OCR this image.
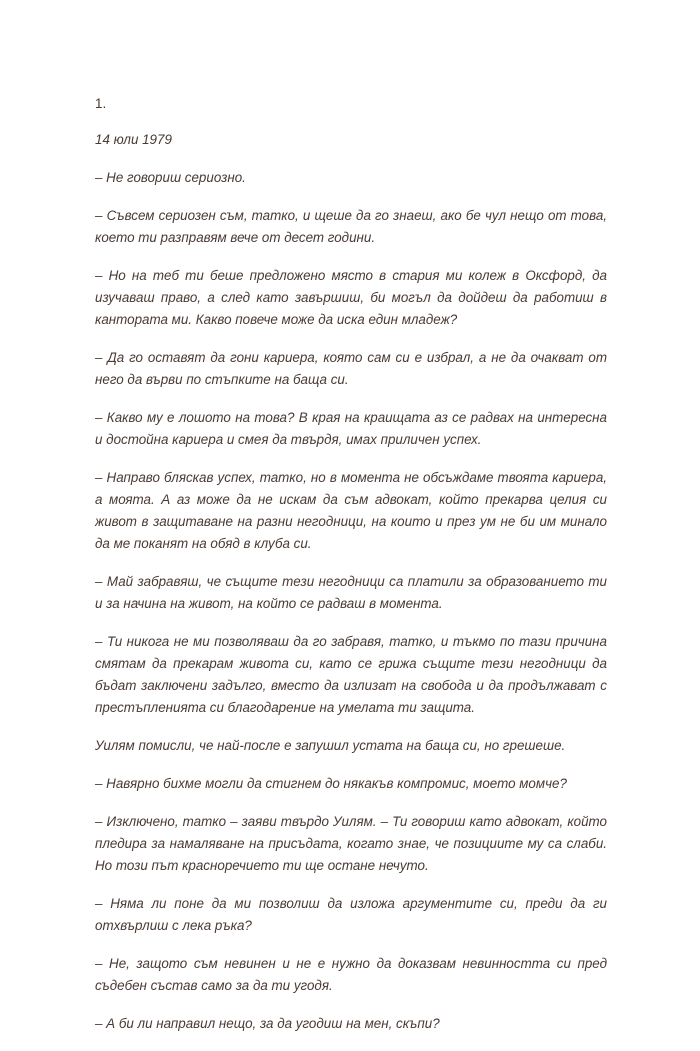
1.

14 юли 1979

– Не говориш сериозно.

– Съвсем сериозен съм, татко, и щеше да го знаеш, ако бе чул нещо от това, което ти разправям вече от десет години.

– Но на теб ти беше предложено място в стария ми колеж в Оксфорд, да изучаваш право, а след като завършиш, би могъл да дойдеш да работиш в кантората ми. Какво повече може да иска един младеж?

– Да го оставят да гони кариера, която сам си е избрал, а не да очакват от него да върви по стъпките на баща си.

– Какво му е лошото на това? В края на краищата аз се радвах на интересна и достойна кариера и смея да твърдя, имах приличен успех.

– Направо бляскав успех, татко, но в момента не обсъждаме твоята кариера, а моята. А аз може да не искам да съм адвокат, който прекарва целия си живот в защитаване на разни негодници, на които и през ум не би им минало да ме поканят на обяд в клуба си.

– Май забравяш, че същите тези негодници са платили за образованието ти и за начина на живот, на който се радваш в момента.

– Ти никога не ми позволяваш да го забравя, татко, и тъкмо по тази причина смятам да прекарам живота си, като се грижа същите тези негодници да бъдат заключени задълго, вместо да излизат на свобода и да продължават с престъпленията си благодарение на умелата ти защита.

Уилям помисли, че най-после е запушил устата на баща си, но грешеше.

– Навярно бихме могли да стигнем до някакъв компромис, моето момче?

– Изключено, татко – заяви твърдо Уилям. – Ти говориш като адвокат, който пледира за намаляване на присъдата, когато знае, че позициите му са слаби. Но този път красноречието ти ще остане нечуто.

– Няма ли поне да ми позволиш да изложа аргументите си, преди да ги отхвърлиш с лека ръка?

– Не, защото съм невинен и не е нужно да доказвам невинността си пред съдебен състав само за да ти угодя.

– А би ли направил нещо, за да угодиш на мен, скъпи?
